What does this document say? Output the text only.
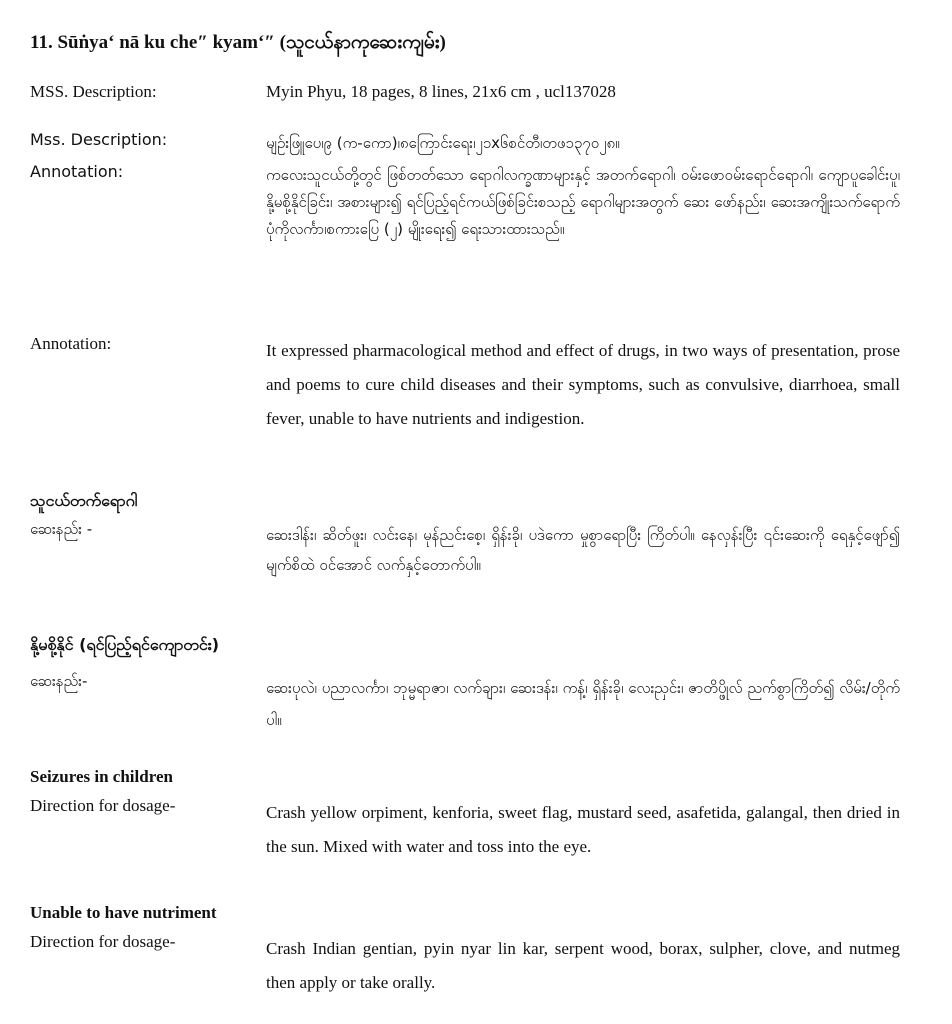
11. Sūṅya‘ nā ku che″ kyam‘″ (သူငယ်နာကုဆေးကျမ်း)
MSS. Description:	Myin Phyu, 18 pages, 8 lines, 21x6 cm , ucl137028
Mss. Description:	မျဉ်းဖြူပေ၊၉ (က-ကော)၊၈ကြောင်းရေး၊၂၁x၆စင်တီ၊တဖ၁၃၇၀၂၈။
Annotation:	ကလေးသူငယ်တို့တွင် ဖြစ်တတ်သော ရောဂါလက္ခဏာများနှင့် အတက်ရောဂါ၊ ဝမ်းဖောဝမ်းရောင်ရောဂါ၊ ကျောပူခေါင်းပူ၊ နို့မစို့နိုင်ခြင်း၊ အစားများ၍ ရင်ပြည့်ရင်ကယ်ဖြစ်ခြင်းစသည့် ရောဂါများအတွက် ဆေး ဖော်နည်း၊ ဆေးအကျိုးသက်ရောက်ပုံကိုလင်္ကာ၊စကားပြေ (၂) မျိုးရေး၍ ရေးသားထားသည်။
Annotation:	It expressed pharmacological method and effect of drugs, in two ways of presentation, prose and poems to cure child diseases and their symptoms, such as convulsive, diarrhoea, small fever, unable to have nutrients and indigestion.
သူငယ်တက်ရောဂါ
ဆေးနည်း -	ဆေးဒါန်း၊ ဆိတ်ဖူး၊ လင်းနေ၊ မုန်ညင်းစေ့၊ ရှိန်းခို၊ ပဒဲကော မှုစွာရောပြီး ကြိတ်ပါ။ နေလှန်းပြီး ၎င်းဆေးကို ရေနှင့်ဖျော်၍ မျက်စိထဲ ဝင်အောင် လက်နှင့်တောက်ပါ။
နို့မစို့နိုင် (ရင်ပြည့်ရင်ကျောတင်း)
ဆေးနည်း-	ဆေးပုလဲ၊ ပညာလင်္ကာ၊ ဘုမ္မရာဇာ၊ လက်ချား၊ ဆေးဒန်း၊ ကန့်၊ ရှိန်းခို၊ လေးညှင်း၊ ဇာတိပ္ဖိုလ် ညက်စွာကြိတ်၍ လိမ်း/တိုက်ပါ။
Seizures in children
Direction for dosage-	Crash yellow orpiment, kenforia, sweet flag, mustard seed, asafetida, galangal, then dried in the sun. Mixed with water and toss into the eye.
Unable to have nutriment
Direction for dosage-	Crash Indian gentian, pyin nyar lin kar, serpent wood, borax, sulpher, clove, and nutmeg then apply or take orally.
